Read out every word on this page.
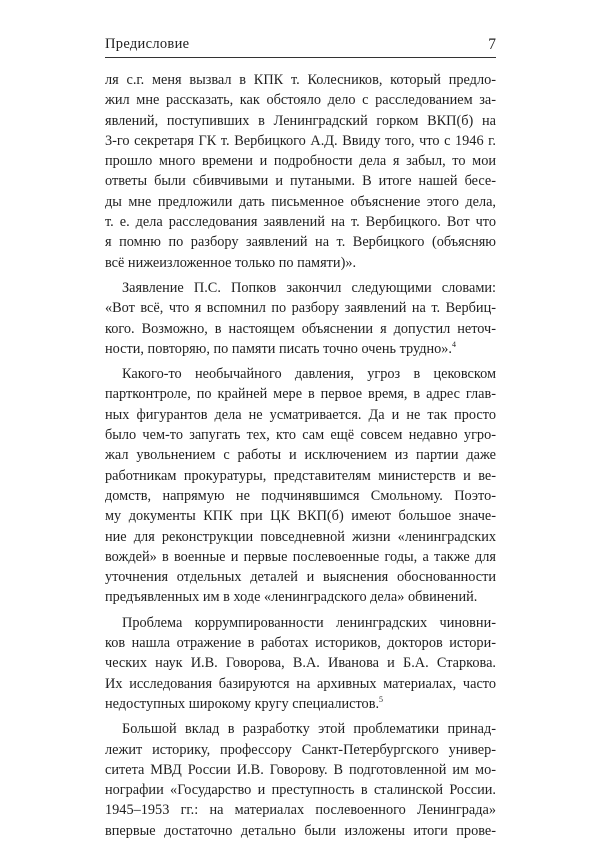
Предисловие	7
ля с.г. меня вызвал в КПК т. Колесников, который предло-
жил мне рассказать, как обстояло дело с расследованием за-
явлений, поступивших в Ленинградский горком ВКП(б) на
3-го секретаря ГК т. Вербицкого А.Д. Ввиду того, что с 1946 г.
прошло много времени и подробности дела я забыл, то мои
ответы были сбивчивыми и путаными. В итоге нашей бесе-
ды мне предложили дать письменное объяснение этого дела,
т. е. дела расследования заявлений на т. Вербицкого. Вот что
я помню по разбору заявлений на т. Вербицкого (объясняю
всё нижеизложенное только по памяти)».
Заявление П.С. Попков закончил следующими словами:
«Вот всё, что я вспомнил по разбору заявлений на т. Вербиц-
кого. Возможно, в настоящем объяснении я допустил неточ-
ности, повторяю, по памяти писать точно очень трудно».$^4$
Какого-то необычайного давления, угроз в цековском
партконтроле, по крайней мере в первое время, в адрес глав-
ных фигурантов дела не усматривается. Да и не так просто
было чем-то запугать тех, кто сам ещё совсем недавно угро-
жал увольнением с работы и исключением из партии даже
работникам прокуратуры, представителям министерств и ве-
домств, напрямую не подчинявшимся Смольному. Поэто-
му документы КПК при ЦК ВКП(б) имеют большое значе-
ние для реконструкции повседневной жизни «ленинградских
вождей» в военные и первые послевоенные годы, а также для
уточнения отдельных деталей и выяснения обоснованности
предъявленных им в ходе «ленинградского дела» обвинений.
Проблема коррумпированности ленинградских чиновни-
ков нашла отражение в работах историков, докторов истори-
ческих наук И.В. Говорова, В.А. Иванова и Б.А. Старкова.
Их исследования базируются на архивных материалах, часто
недоступных широкому кругу специалистов.$^5$
Большой вклад в разработку этой проблематики принад-
лежит историку, профессору Санкт-Петербургского универ-
ситета МВД России И.В. Говорову. В подготовленной им мо-
нографии «Государство и преступность в сталинской России.
1945–1953 гг.: на материалах послевоенного Ленинграда»
впервые достаточно детально были изложены итоги прове-
